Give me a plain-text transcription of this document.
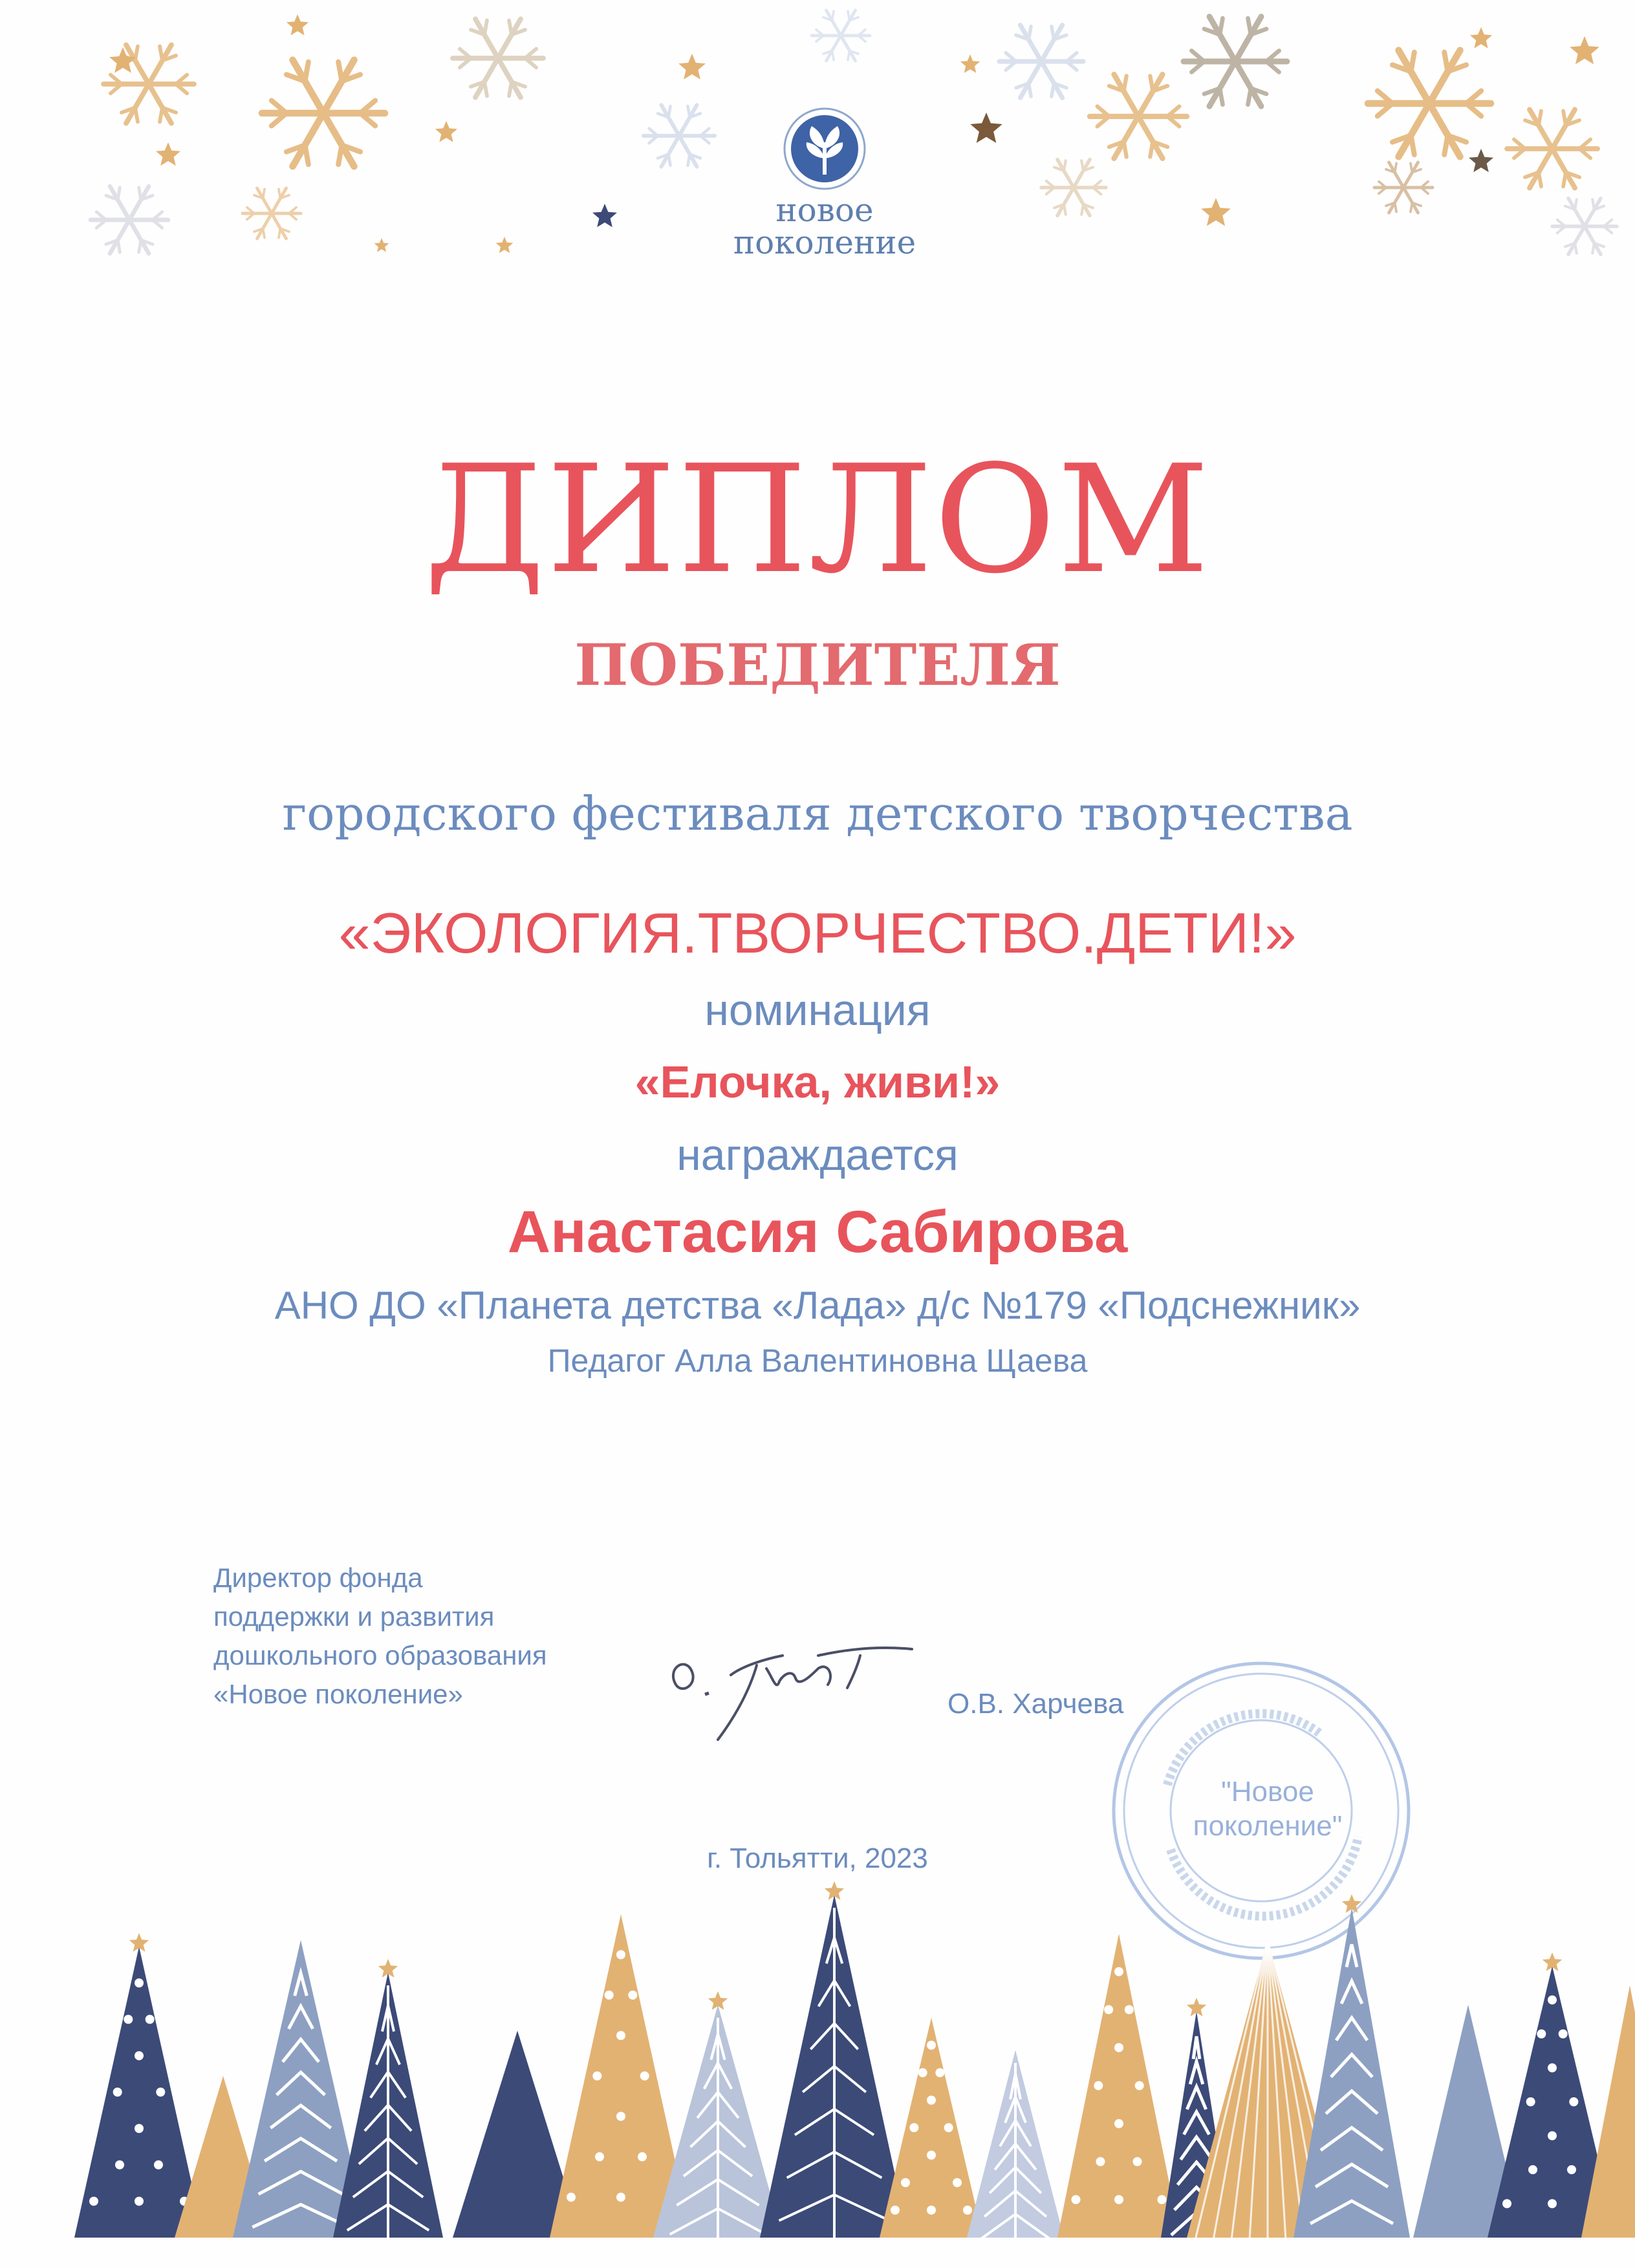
новое
поколение
ДИПЛОМ
ПОБЕДИТЕЛЯ
городского фестиваля детского творчества
«ЭКОЛОГИЯ.ТВОРЧЕСТВО.ДЕТИ!»
номинация
«Елочка, живи!»
награждается
Анастасия Сабирова
АНО ДО «Планета детства «Лада» д/с №179 «Подснежник»
Педагог Алла Валентиновна Щаева
Директор фонда
поддержки и развития
дошкольного образования
«Новое поколение»	О.В. Харчева
"Новое
поколение"
г. Тольятти, 2023
